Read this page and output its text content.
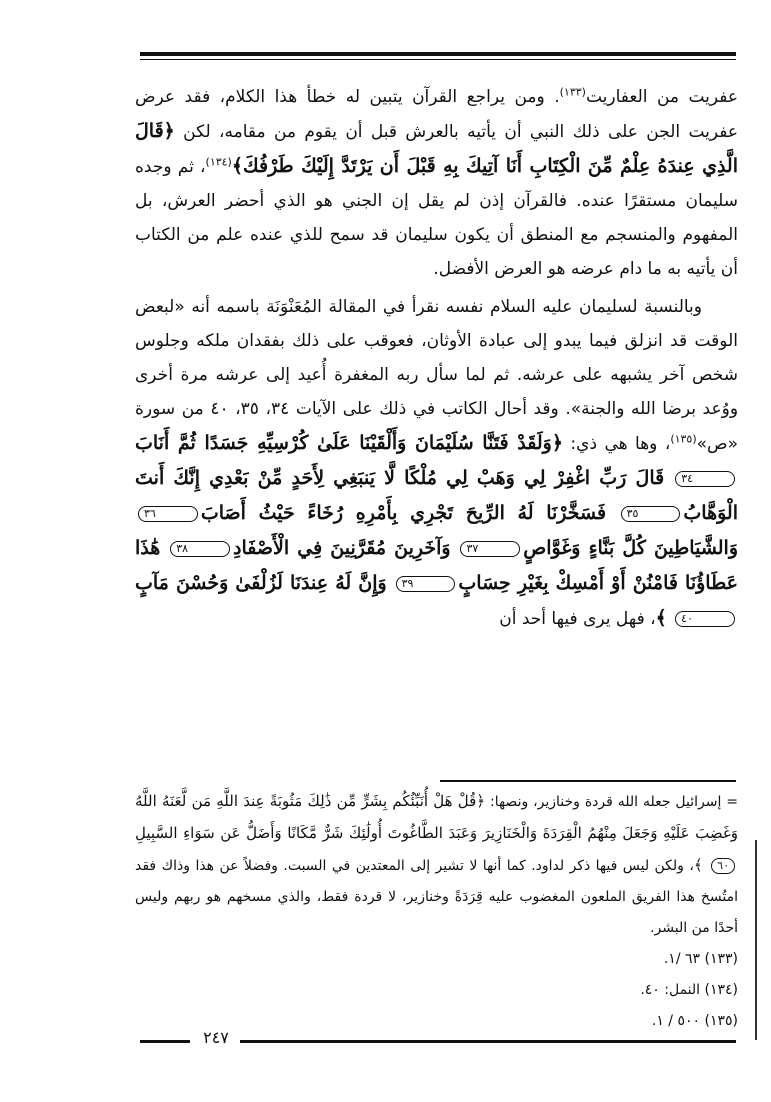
عفريت من العفاريت$^{(١٣٣)}$. ومن يراجع القرآن يتبين له خطأ هذا الكلام، فقد عرض عفريت الجن على ذلك النبي أن يأتيه بالعرش قبل أن يقوم من مقامه، لكن ﴿قَالَ الَّذِي عِندَهُ عِلْمٌ مِّنَ الْكِتَابِ أَنَا آتِيكَ بِهِ قَبْلَ أَن يَرْتَدَّ إِلَيْكَ طَرْفُكَ﴾$^{(١٣٤)}$، ثم وجده سليمان مستقرًا عنده. فالقرآن إذن لم يقل إن الجني هو الذي أحضر العرش، بل المفهوم والمنسجم مع المنطق أن يكون سليمان قد سمح للذي عنده علم من الكتاب أن يأتيه به ما دام عرضه هو العرض الأفضل.

وبالنسبة لسليمان عليه السلام نفسه نقرأ في المقالة المُعَنْوَنَة باسمه أنه «لبعض الوقت قد انزلق فيما يبدو إلى عبادة الأوثان، فعوقب على ذلك بفقدان ملكه وجلوس شخص آخر يشبهه على عرشه. ثم لما سأل ربه المغفرة أُعيد إلى عرشه مرة أخرى ووُعد برضا الله والجنة». وقد أحال الكاتب في ذلك على الآيات ٣٤، ٣٥، ٤٠ من سورة «ص»$^{(١٣٥)}$، وها هي ذي: ﴿وَلَقَدْ فَتَنَّا سُلَيْمَانَ وَأَلْقَيْنَا عَلَىٰ كُرْسِيِّهِ جَسَدًا ثُمَّ أَنَابَ٣٤ قَالَ رَبِّ اغْفِرْ لِي وَهَبْ لِي مُلْكًا لَّا يَنبَغِي لِأَحَدٍ مِّنْ بَعْدِي إِنَّكَ أَنتَ الْوَهَّابُ٣٥ فَسَخَّرْنَا لَهُ الرِّيحَ تَجْرِي بِأَمْرِهِ رُخَاءً حَيْثُ أَصَابَ٣٦ وَالشَّيَاطِينَ كُلَّ بَنَّاءٍ وَغَوَّاصٍ٣٧ وَآخَرِينَ مُقَرَّنِينَ فِي الْأَصْفَادِ٣٨ هَٰذَا عَطَاؤُنَا فَامْنُنْ أَوْ أَمْسِكْ بِغَيْرِ حِسَابٍ٣٩ وَإِنَّ لَهُ عِندَنَا لَزُلْفَىٰ وَحُسْنَ مَآبٍ٤٠ ﴾، فهل يرى فيها أحد أن

= إسرائيل جعله الله قردة وخنازير، ونصها: ﴿قُلْ هَلْ أُنَبِّئُكُم بِشَرٍّ مِّن ذَٰلِكَ مَثُوبَةً عِندَ اللَّهِ مَن لَّعَنَهُ اللَّهُ وَغَضِبَ عَلَيْهِ وَجَعَلَ مِنْهُمُ الْقِرَدَةَ وَالْخَنَازِيرَ وَعَبَدَ الطَّاغُوتَ أُولَٰئِكَ شَرٌّ مَّكَانًا وَأَضَلُّ عَن سَوَاءِ السَّبِيلِ٦٠ ﴾، ولكن ليس فيها ذكر لداود. كما أنها لا تشير إلى المعتدين في السبت. وفضلاً عن هذا وذاك فقد امتُسخ هذا الفريق الملعون المغضوب عليه قِرَدَةً وخنازير، لا قردة فقط، والذي مسخهم هو ربهم وليس أحدًا من البشر.

(١٣٣) ٦٣ /١.
(١٣٤) النمل: ٤٠.
(١٣٥) ٥٠٠ / ١.
٢٤٧
